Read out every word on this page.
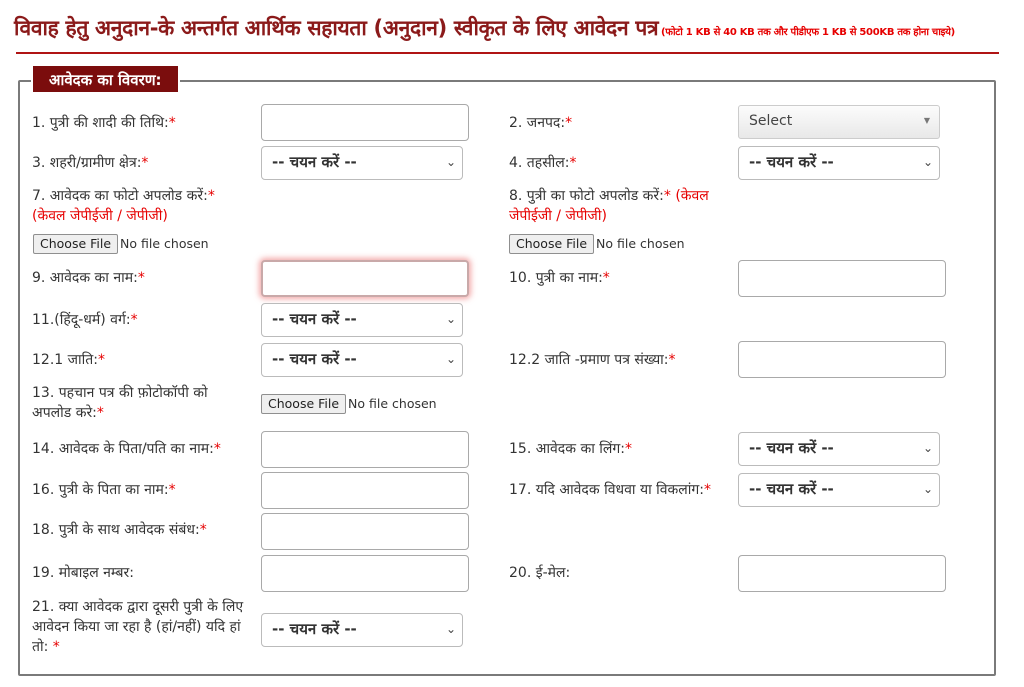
विवाह हेतु अनुदान-के अन्तर्गत आर्थिक सहायता (अनुदान) स्वीकृत के लिए आवेदन पत्र (फोटो 1 KB से 40 KB तक और पीडीएफ 1 KB से 500KB तक होना चाइये)
आवेदक का विवरण:
1. पुत्री की शादी की तिथि:*	2. जनपद:*	Select	▼
3. शहरी/ग्रामीण क्षेत्र:*	-- चयन करें --	⌄	4. तहसील:*	-- चयन करें --	⌄
7. आवेदक का फोटो अपलोड करें:*
(केवल जेपीईजी / जेपीजी)
Choose File No file chosen
8. पुत्री का फोटो अपलोड करें:* (केवल जेपीईजी / जेपीजी)
Choose File No file chosen
9. आवेदक का नाम:*	10. पुत्री का नाम:*
11.(हिंदू-धर्म) वर्ग:*	-- चयन करें --	⌄
12.1 जाति:*	-- चयन करें --	⌄	12.2 जाति -प्रमाण पत्र संख्या:*
13. पहचान पत्र की फ़ोटोकॉपी को अपलोड करे:*
Choose File No file chosen
14. आवेदक के पिता/पति का नाम:*	15. आवेदक का लिंग:*	-- चयन करें --	⌄
16. पुत्री के पिता का नाम:*	17. यदि आवेदक विधवा या विकलांग:*	-- चयन करें --	⌄
18. पुत्री के साथ आवेदक संबंध:*
19. मोबाइल नम्बर:	20. ई-मेल:
21. क्या आवेदक द्वारा दूसरी पुत्री के लिए आवेदन किया जा रहा है (हां/नहीं) यदि हां तो: *
-- चयन करें --	⌄
